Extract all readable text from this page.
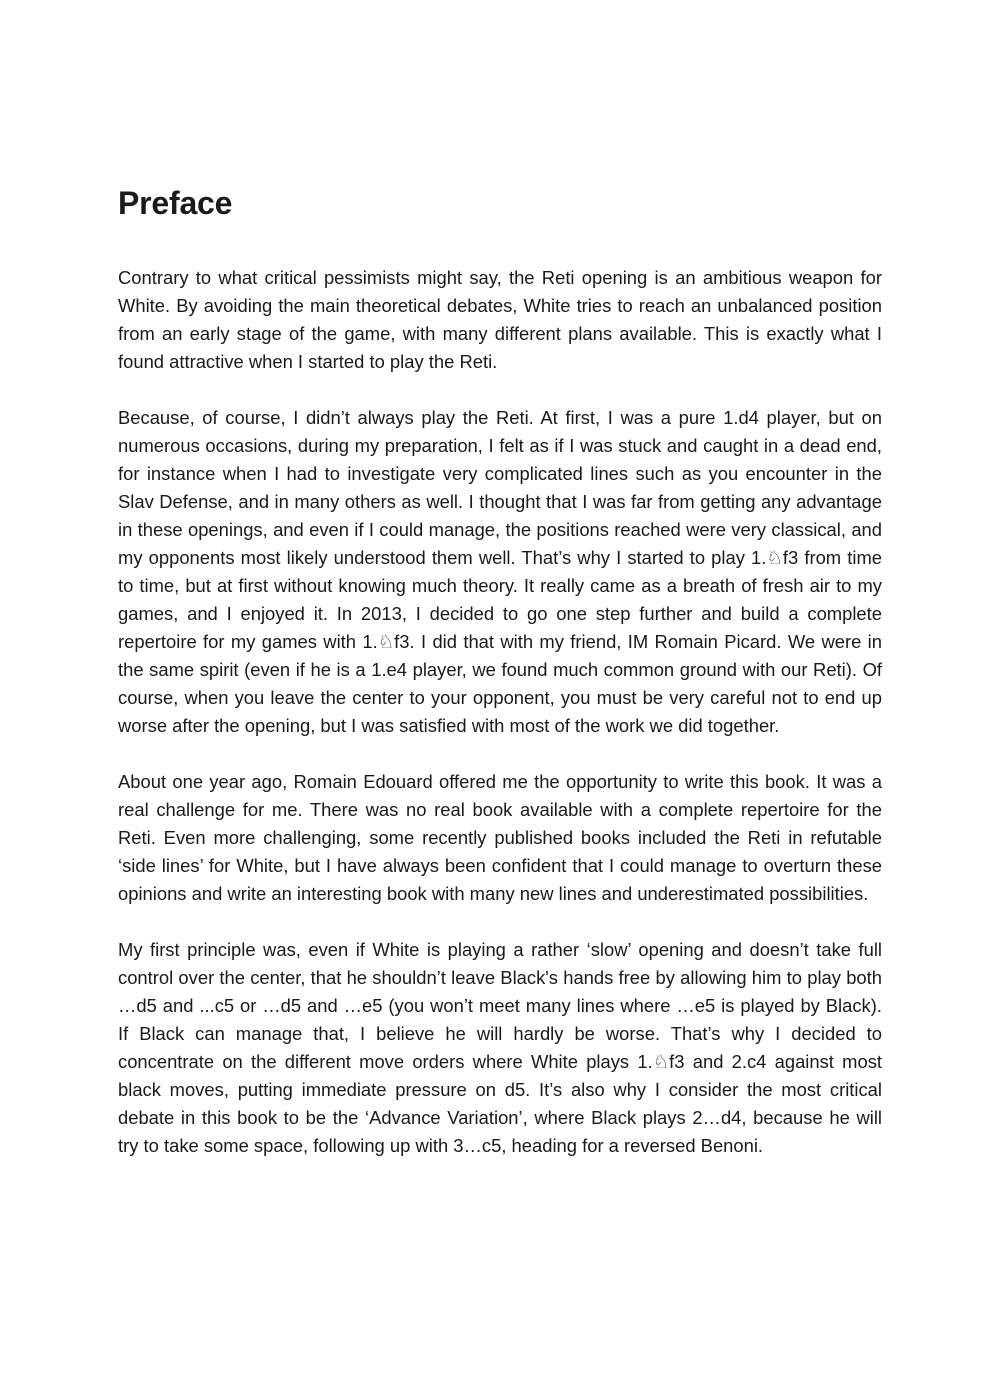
Preface

Contrary to what critical pessimists might say, the Reti opening is an ambitious weapon for White. By avoiding the main theoretical debates, White tries to reach an unbalanced position from an early stage of the game, with many different plans available. This is exactly what I found attractive when I started to play the Reti.

Because, of course, I didn’t always play the Reti. At first, I was a pure 1.d4 player, but on numerous occasions, during my preparation, I felt as if I was stuck and caught in a dead end, for instance when I had to investigate very complicated lines such as you encounter in the Slav Defense, and in many others as well. I thought that I was far from getting any advantage in these openings, and even if I could manage, the positions reached were very classical, and my opponents most likely understood them well. That’s why I started to play 1.♘f3 from time to time, but at first without knowing much theory. It really came as a breath of fresh air to my games, and I enjoyed it. In 2013, I decided to go one step further and build a complete repertoire for my games with 1.♘f3. I did that with my friend, IM Romain Picard. We were in the same spirit (even if he is a 1.e4 player, we found much common ground with our Reti). Of course, when you leave the center to your opponent, you must be very careful not to end up worse after the opening, but I was satisfied with most of the work we did together.

About one year ago, Romain Edouard offered me the opportunity to write this book. It was a real challenge for me. There was no real book available with a complete repertoire for the Reti. Even more challenging, some recently published books included the Reti in refutable ‘side lines’ for White, but I have always been confident that I could manage to overturn these opinions and write an interesting book with many new lines and underestimated possibilities.

My first principle was, even if White is playing a rather ‘slow’ opening and doesn’t take full control over the center, that he shouldn’t leave Black's hands free by allowing him to play both …d5 and ...c5 or …d5 and …e5 (you won’t meet many lines where …e5 is played by Black). If Black can manage that, I believe he will hardly be worse. That’s why I decided to concentrate on the different move orders where White plays 1.♘f3 and 2.c4 against most black moves, putting immediate pressure on d5. It’s also why I consider the most critical debate in this book to be the ‘Advance Variation’, where Black plays 2…d4, because he will try to take some space, following up with 3…c5, heading for a reversed Benoni.
